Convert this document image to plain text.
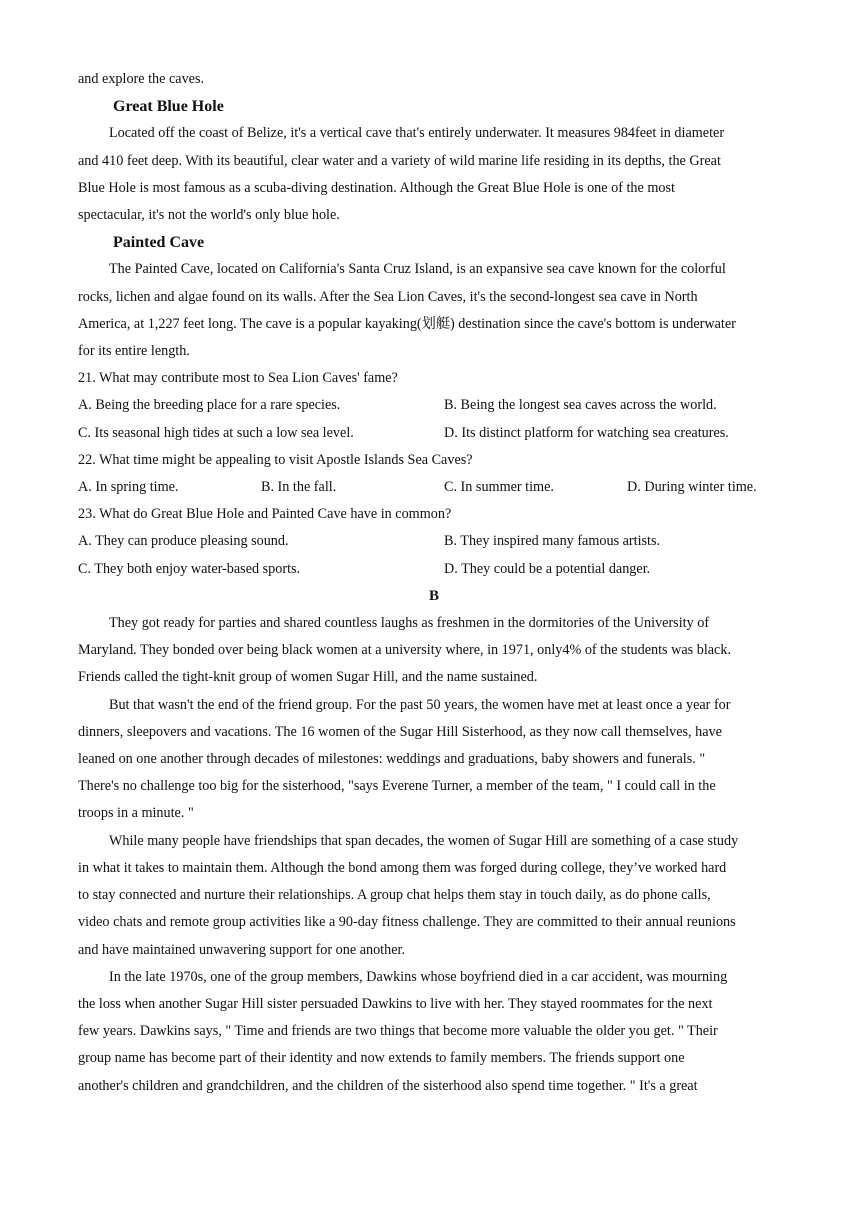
and explore the caves.
Great Blue Hole
Located off the coast of Belize, it's a vertical cave that's entirely underwater. It measures 984feet in diameter
and 410 feet deep. With its beautiful, clear water and a variety of wild marine life residing in its depths, the Great
Blue Hole is most famous as a scuba-diving destination. Although the Great Blue Hole is one of the most
spectacular, it's not the world's only blue hole.
Painted Cave
The Painted Cave, located on California's Santa Cruz Island, is an expansive sea cave known for the colorful
rocks, lichen and algae found on its walls. After the Sea Lion Caves, it's the second-longest sea cave in North
America, at 1,227 feet long. The cave is a popular kayaking(划艇) destination since the cave's bottom is underwater
for its entire length.
21. What may contribute most to Sea Lion Caves' fame?
A. Being the breeding place for a rare species.	B. Being the longest sea caves across the world.
C. Its seasonal high tides at such a low sea level.	D. Its distinct platform for watching sea creatures.
22. What time might be appealing to visit Apostle Islands Sea Caves?
A. In spring time.	B. In the fall.	C. In summer time.	D. During winter time.
23. What do Great Blue Hole and Painted Cave have in common?
A. They can produce pleasing sound.	B. They inspired many famous artists.
C. They both enjoy water-based sports.	D. They could be a potential danger.
B
They got ready for parties and shared countless laughs as freshmen in the dormitories of the University of
Maryland. They bonded over being black women at a university where, in 1971, only4% of the students was black.
Friends called the tight-knit group of women Sugar Hill, and the name sustained.
But that wasn't the end of the friend group. For the past 50 years, the women have met at least once a year for
dinners, sleepovers and vacations. The 16 women of the Sugar Hill Sisterhood, as they now call themselves, have
leaned on one another through decades of milestones: weddings and graduations, baby showers and funerals. "
There's no challenge too big for the sisterhood, "says Everene Turner, a member of the team, " I could call in the
troops in a minute. "
While many people have friendships that span decades, the women of Sugar Hill are something of a case study
in what it takes to maintain them. Although the bond among them was forged during college, they’ve worked hard
to stay connected and nurture their relationships. A group chat helps them stay in touch daily, as do phone calls,
video chats and remote group activities like a 90-day fitness challenge. They are committed to their annual reunions
and have maintained unwavering support for one another.
In the late 1970s, one of the group members, Dawkins whose boyfriend died in a car accident, was mourning
the loss when another Sugar Hill sister persuaded Dawkins to live with her. They stayed roommates for the next
few years. Dawkins says, " Time and friends are two things that become more valuable the older you get. " Their
group name has become part of their identity and now extends to family members. The friends support one
another's children and grandchildren, and the children of the sisterhood also spend time together. " It's a great
